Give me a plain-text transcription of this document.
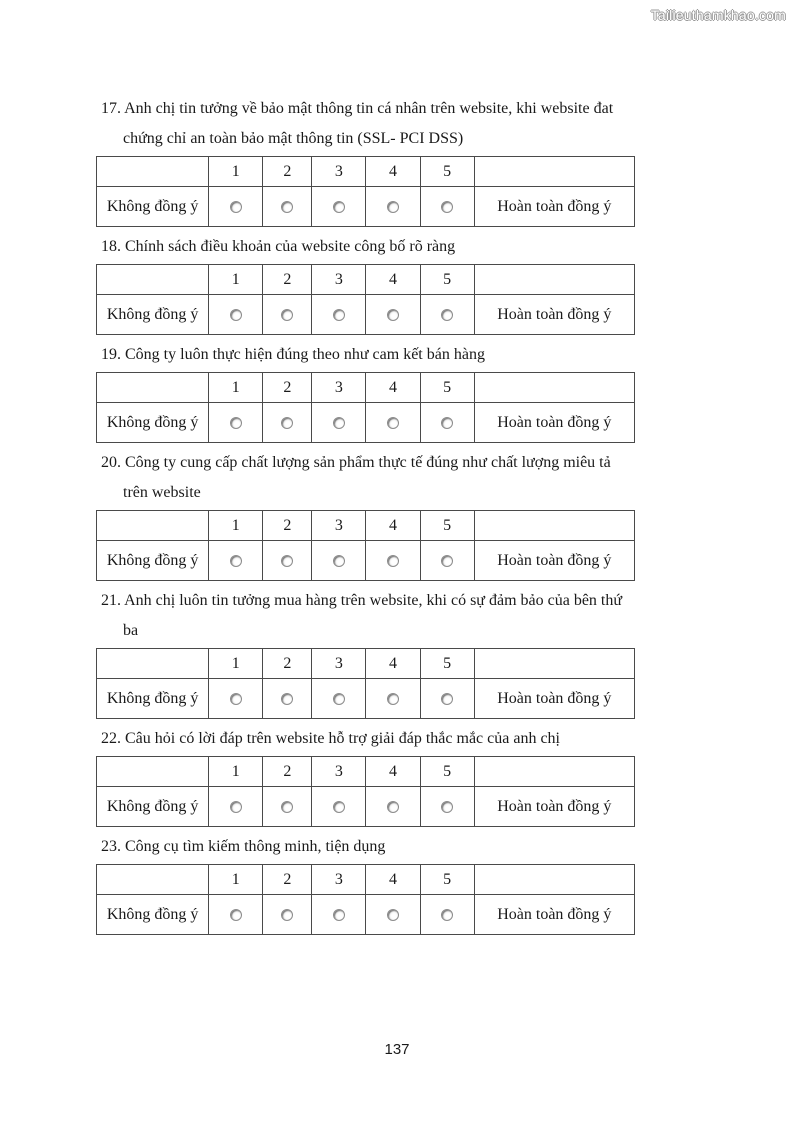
Tailieuthamkhao.com
17. Anh chị tin tưởng về bảo mật thông tin cá nhân trên website, khi website đat chứng chỉ an toàn bảo mật thông tin (SSL- PCI DSS)
	1	2	3	4	5	
Không đồng ý						Hoàn toàn đồng ý
18. Chính sách điều khoản của website công bố rõ ràng
	1	2	3	4	5	
Không đồng ý						Hoàn toàn đồng ý
19. Công ty luôn thực hiện đúng theo như cam kết bán hàng
	1	2	3	4	5	
Không đồng ý						Hoàn toàn đồng ý
20. Công ty cung cấp chất lượng sản phẩm thực tế đúng như chất lượng miêu tả trên website
	1	2	3	4	5	
Không đồng ý						Hoàn toàn đồng ý
21. Anh chị luôn tin tưởng mua hàng trên website, khi có sự đảm bảo của bên thứ ba
	1	2	3	4	5	
Không đồng ý						Hoàn toàn đồng ý
22. Câu hỏi có lời đáp trên website hỗ trợ giải đáp thắc mắc của anh chị
	1	2	3	4	5	
Không đồng ý						Hoàn toàn đồng ý
23. Công cụ tìm kiếm thông minh, tiện dụng
	1	2	3	4	5	
Không đồng ý						Hoàn toàn đồng ý
137
